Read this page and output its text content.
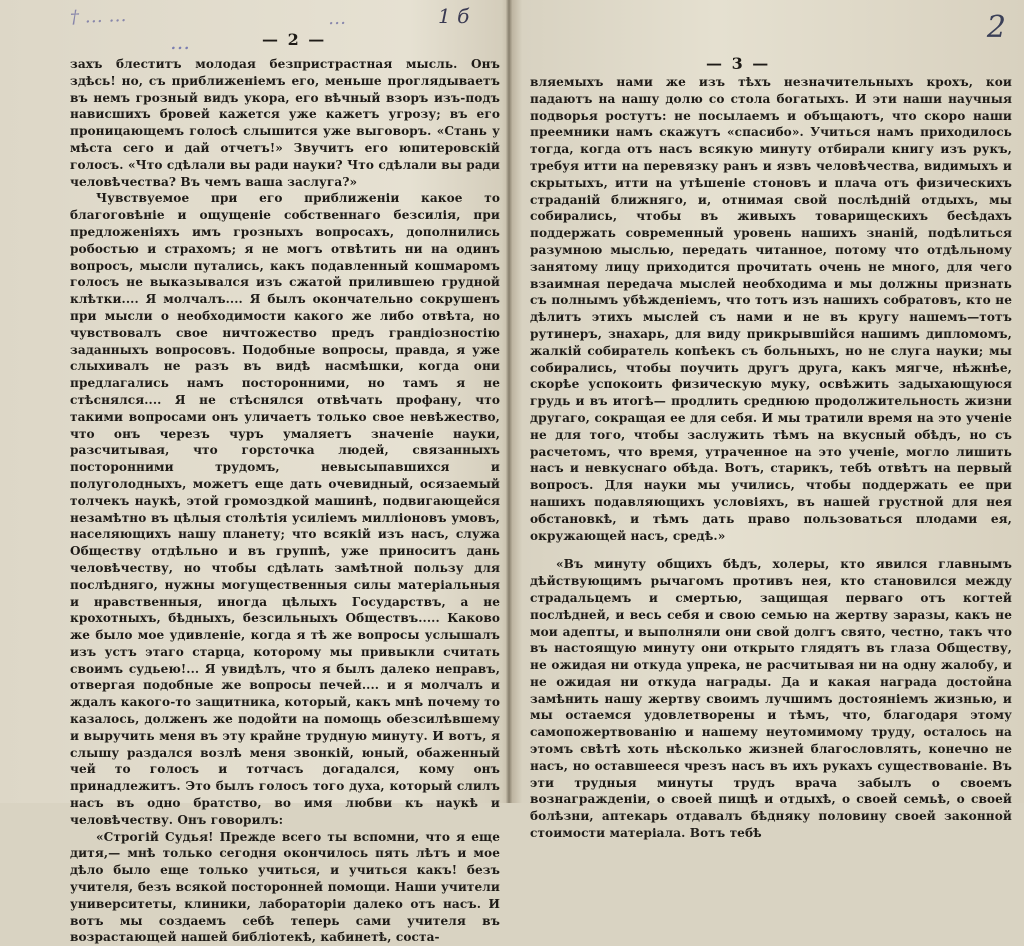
† … …	…
…
1 б
— 2 —

захъ блеститъ молодая безпристрастная мысль. Онъ здѣсь! но, съ приближеніемъ его, меньше проглядываетъ въ немъ грозный видъ укора, его вѣчный взоръ изъ-подъ нависшихъ бровей кажется уже кажетъ угрозу; въ его проницающемъ голосѣ слышится уже выговоръ. «Стань у мѣста сего и дай отчетъ!» Звучитъ его юпитеровскій голосъ. «Что сдѣлали вы ради науки? Что сдѣлали вы ради человѣчества? Въ чемъ ваша заслуга?»

Чувствуемое при его приближеніи какое то благоговѣніе и ощущеніе собственнаго безсилія, при предложеніяхъ имъ грозныхъ вопросахъ, дополнились робостью и страхомъ; я не могъ отвѣтить ни на одинъ вопросъ, мысли путались, какъ подавленный кошмаромъ голосъ не выказывался изъ сжатой прилившею грудной клѣтки.... Я молчалъ.... Я былъ окончательно сокрушенъ при мысли о необходимости какого же либо отвѣта, но чувствовалъ свое ничтожество предъ грандіозностію заданныхъ вопросовъ. Подобные вопросы, правда, я уже слыхивалъ не разъ въ видѣ насмѣшки, когда они предлагались намъ посторонними, но тамъ я не стѣснялся.... Я не стѣснялся отвѣчать профану, что такими вопросами онъ уличаетъ только свое невѣжество, что онъ черезъ чуръ умаляетъ значеніе науки, разсчитывая, что горсточка людей, связанныхъ посторонними трудомъ, невысыпавшихся и полуголодныхъ, можетъ еще дать очевидный, осязаемый толчекъ наукѣ, этой громоздкой машинѣ, подвигающейся незамѣтно въ цѣлыя столѣтія усиліемъ милліоновъ умовъ, населяющихъ нашу планету; что всякій изъ насъ, служа Обществу отдѣльно и въ группѣ, уже приноситъ дань человѣчеству, но чтобы сдѣлать замѣтной пользу для послѣдняго, нужны могущественныя силы матеріальныя и нравственныя, иногда цѣлыхъ Государствъ, а не крохотныхъ, бѣдныхъ, безсильныхъ Обществъ..... Каково же было мое удивленіе, когда я тѣ же вопросы услышалъ изъ устъ этаго старца, которому мы привыкли считать своимъ судьею!... Я увидѣлъ, что я былъ далеко неправъ, отвергая подобные же вопросы печей.... и я молчалъ и ждалъ какого-то защитника, который, какъ мнѣ почему то казалось, долженъ же подойти на помощь обезсилѣвшему и выручить меня въ эту крайне трудную минуту. И вотъ, я слышу раздался возлѣ меня звонкій, юный, обаженный чей то голосъ и тотчасъ догадался, кому онъ принадлежитъ. Это былъ голосъ того духа, который слилъ насъ въ одно братство, во имя любви къ наукѣ и человѣчеству. Онъ говорилъ:

«Строгій Судья! Прежде всего ты вспомни, что я еще дитя,— мнѣ только сегодня окончилось пять лѣтъ и мое дѣло было еще только учиться, и учиться какъ! безъ учителя, безъ всякой посторонней помощи. Наши учители университеты, клиники, лабораторіи далеко отъ насъ. И вотъ мы создаемъ себѣ теперь сами учителя въ возрастающей нашей библіотекѣ, кабинетѣ, соста-

2
— 3 —

вляемыхъ нами же изъ тѣхъ незначительныхъ крохъ, кои падаютъ на нашу долю со стола богатыхъ. И эти наши научныя подворья ростутъ: не посылаемъ и объщаютъ, что скоро наши преемники намъ скажутъ «спасибо». Учиться намъ приходилось тогда, когда отъ насъ всякую минуту отбирали книгу изъ рукъ, требуя итти на перевязку ранъ и язвъ человѣчества, видимыхъ и скрытыхъ, итти на утѣшеніе стоновъ и плача отъ физическихъ страданій ближняго, и, отнимая свой послѣдній отдыхъ, мы собирались, чтобы въ живыхъ товарищескихъ бесѣдахъ поддержать современный уровень нашихъ знаній, подѣлиться разумною мыслью, передать читанное, потому что отдѣльному занятому лицу приходится прочитать очень не много, для чего взаимная передача мыслей необходима и мы должны признать съ полнымъ убѣжденіемъ, что тотъ изъ нашихъ собратовъ, кто не дѣлитъ этихъ мыслей съ нами и не въ кругу нашемъ—тотъ рутинеръ, знахарь, для виду прикрывшійся нашимъ дипломомъ, жалкій собиратель копѣекъ съ больныхъ, но не слуга науки; мы собирались, чтобы поучить другъ друга, какъ мягче, нѣжнѣе, скорѣе успокоить физическую муку, освѣжить задыхающуюся грудь и въ итогѣ— продлить среднюю продолжительность жизни другаго, сокращая ее для себя. И мы тратили время на это ученіе не для того, чтобы заслужить тѣмъ на вкусный обѣдъ, но съ расчетомъ, что время, утраченное на это ученіе, могло лишить насъ и невкуснаго обѣда. Вотъ, старикъ, тебѣ отвѣтъ на первый вопросъ. Для науки мы учились, чтобы поддержать ее при нашихъ подавляющихъ условіяхъ, въ нашей грустной для нея обстановкѣ, и тѣмъ дать право пользоваться плодами ея, окружающей насъ, средѣ.»

«Въ минуту общихъ бѣдъ, холеры, кто явился главнымъ дѣйствующимъ рычагомъ противъ нея, кто становился между страдальцемъ и смертью, защищая перваго отъ когтей послѣдней, и весь себя и свою семью на жертву заразы, какъ не мои адепты, и выполняли они свой долгъ свято, честно, такъ что въ настоящую минуту они открыто глядятъ въ глаза Обществу, не ожидая ни откуда упрека, не расчитывая ни на одну жалобу, и не ожидая ни откуда награды. Да и какая награда достойна замѣнить нашу жертву своимъ лучшимъ достояніемъ жизнью, и мы остаемся удовлетворены и тѣмъ, что, благодаря этому самопожертвованію и нашему неутомимому труду, осталось на этомъ свѣтѣ хоть нѣсколько жизней благословлять, конечно не насъ, но оставшееся чрезъ насъ въ ихъ рукахъ существованіе. Въ эти трудныя минуты трудъ врача забылъ о своемъ вознагражденіи, о своей пищѣ и отдыхѣ, о своей семьѣ, о своей болѣзни, аптекарь отдавалъ бѣдняку половину своей законной стоимости матеріала. Вотъ тебѣ
